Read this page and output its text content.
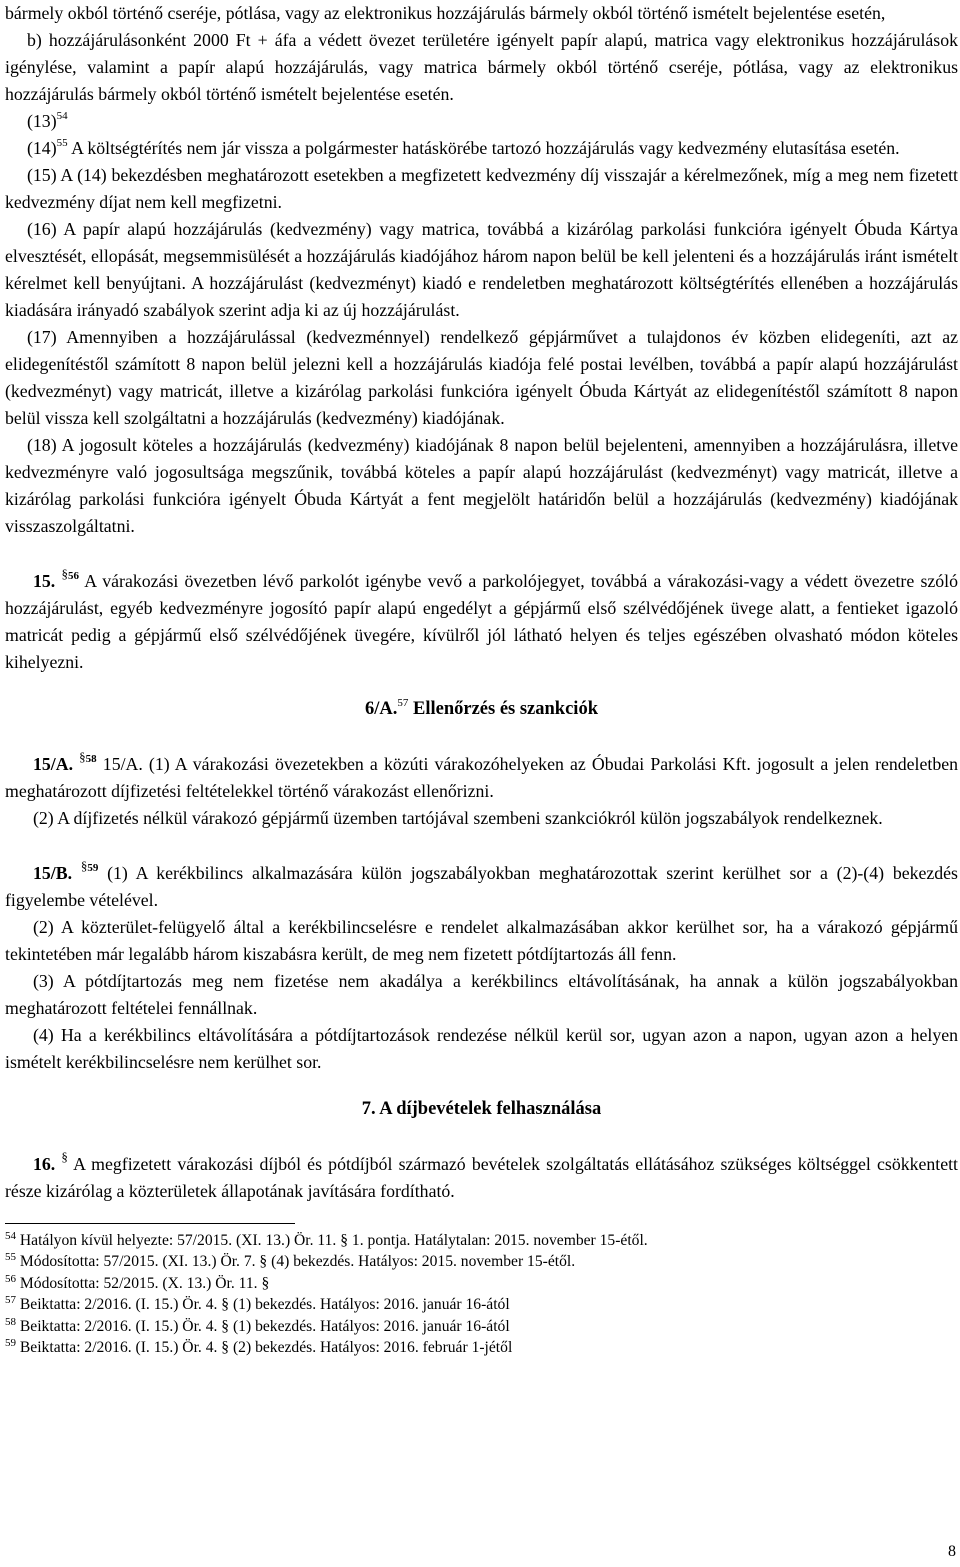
bármely okból történő cseréje, pótlása, vagy az elektronikus hozzájárulás bármely okból történő ismételt bejelentése esetén,

b) hozzájárulásonként 2000 Ft + áfa a védett övezet területére igényelt papír alapú, matrica vagy elektronikus hozzájárulások igénylése, valamint a papír alapú hozzájárulás, vagy matrica bármely okból történő cseréje, pótlása, vagy az elektronikus hozzájárulás bármely okból történő ismételt bejelentése esetén.

$(13)^{54}$

$(14)^{55}$ A költségtérítés nem jár vissza a polgármester hatáskörébe tartozó hozzájárulás vagy kedvezmény elutasítása esetén.

(15) A (14) bekezdésben meghatározott esetekben a megfizetett kedvezmény díj visszajár a kérelmezőnek, míg a meg nem fizetett kedvezmény díjat nem kell megfizetni.

(16) A papír alapú hozzájárulás (kedvezmény) vagy matrica, továbbá a kizárólag parkolási funkcióra igényelt Óbuda Kártya elvesztését, ellopását, megsemmisülését a hozzájárulás kiadójához három napon belül be kell jelenteni és a hozzájárulás iránt ismételt kérelmet kell benyújtani. A hozzájárulást (kedvezményt) kiadó e rendeletben meghatározott költségtérítés ellenében a hozzájárulás kiadására irányadó szabályok szerint adja ki az új hozzájárulást.

(17) Amennyiben a hozzájárulással (kedvezménnyel) rendelkező gépjárművet a tulajdonos év közben elidegeníti, azt az elidegenítéstől számított 8 napon belül jelezni kell a hozzájárulás kiadója felé postai levélben, továbbá a papír alapú hozzájárulást (kedvezményt) vagy matricát, illetve a kizárólag parkolási funkcióra igényelt Óbuda Kártyát az elidegenítéstől számított 8 napon belül vissza kell szolgáltatni a hozzájárulás (kedvezmény) kiadójának.

(18) A jogosult köteles a hozzájárulás (kedvezmény) kiadójának 8 napon belül bejelenteni, amennyiben a hozzájárulásra, illetve kedvezményre való jogosultsága megszűnik, továbbá köteles a papír alapú hozzájárulást (kedvezményt) vagy matricát, illetve a kizárólag parkolási funkcióra igényelt Óbuda Kártyát a fent megjelölt határidőn belül a hozzájárulás (kedvezmény) kiadójának visszaszolgáltatni.

15. $^{\S 56}$ A várakozási övezetben lévő parkolót igénybe vevő a parkolójegyet, továbbá a várakozási-vagy a védett övezetre szóló hozzájárulást, egyéb kedvezményre jogosító papír alapú engedélyt a gépjármű első szélvédőjének üvege alatt, a fentieket igazoló matricát pedig a gépjármű első szélvédőjének üvegére, kívülről jól látható helyen és teljes egészében olvasható módon köteles kihelyezni.

6/A.$^{57}$ Ellenőrzés és szankciók

15/A. $^{\S 58}$ 15/A. (1) A várakozási övezetekben a közúti várakozóhelyeken az Óbudai Parkolási Kft. jogosult a jelen rendeletben meghatározott díjfizetési feltételekkel történő várakozást ellenőrizni.

(2) A díjfizetés nélkül várakozó gépjármű üzemben tartójával szembeni szankciókról külön jogszabályok rendelkeznek.

15/B. $^{\S 59}$ (1) A kerékbilincs alkalmazására külön jogszabályokban meghatározottak szerint kerülhet sor a (2)-(4) bekezdés figyelembe vételével.

(2) A közterület-felügyelő által a kerékbilincselésre e rendelet alkalmazásában akkor kerülhet sor, ha a várakozó gépjármű tekintetében már legalább három kiszabásra került, de meg nem fizetett pótdíjtartozás áll fenn.

(3) A pótdíjtartozás meg nem fizetése nem akadálya a kerékbilincs eltávolításának, ha annak a külön jogszabályokban meghatározott feltételei fennállnak.

(4) Ha a kerékbilincs eltávolítására a pótdíjtartozások rendezése nélkül kerül sor, ugyan azon a napon, ugyan azon a helyen ismételt kerékbilincselésre nem kerülhet sor.

7. A díjbevételek felhasználása

16. § A megfizetett várakozási díjból és pótdíjból származó bevételek szolgáltatás ellátásához szükséges költséggel csökkentett része kizárólag a közterületek állapotának javítására fordítható.

$^{54}$ Hatályon kívül helyezte: 57/2015. (XI. 13.) Ör. 11. § 1. pontja. Hatálytalan: 2015. november 15-étől.

$^{55}$ Módosította: 57/2015. (XI. 13.) Ör. 7. § (4) bekezdés. Hatályos: 2015. november 15-étől.

$^{56}$ Módosította: 52/2015. (X. 13.) Ör. 11. §

$^{57}$ Beiktatta: 2/2016. (I. 15.) Ör. 4. § (1) bekezdés. Hatályos: 2016. január 16-ától

$^{58}$ Beiktatta: 2/2016. (I. 15.) Ör. 4. § (1) bekezdés. Hatályos: 2016. január 16-ától

$^{59}$ Beiktatta: 2/2016. (I. 15.) Ör. 4. § (2) bekezdés. Hatályos: 2016. február 1-jétől

8
